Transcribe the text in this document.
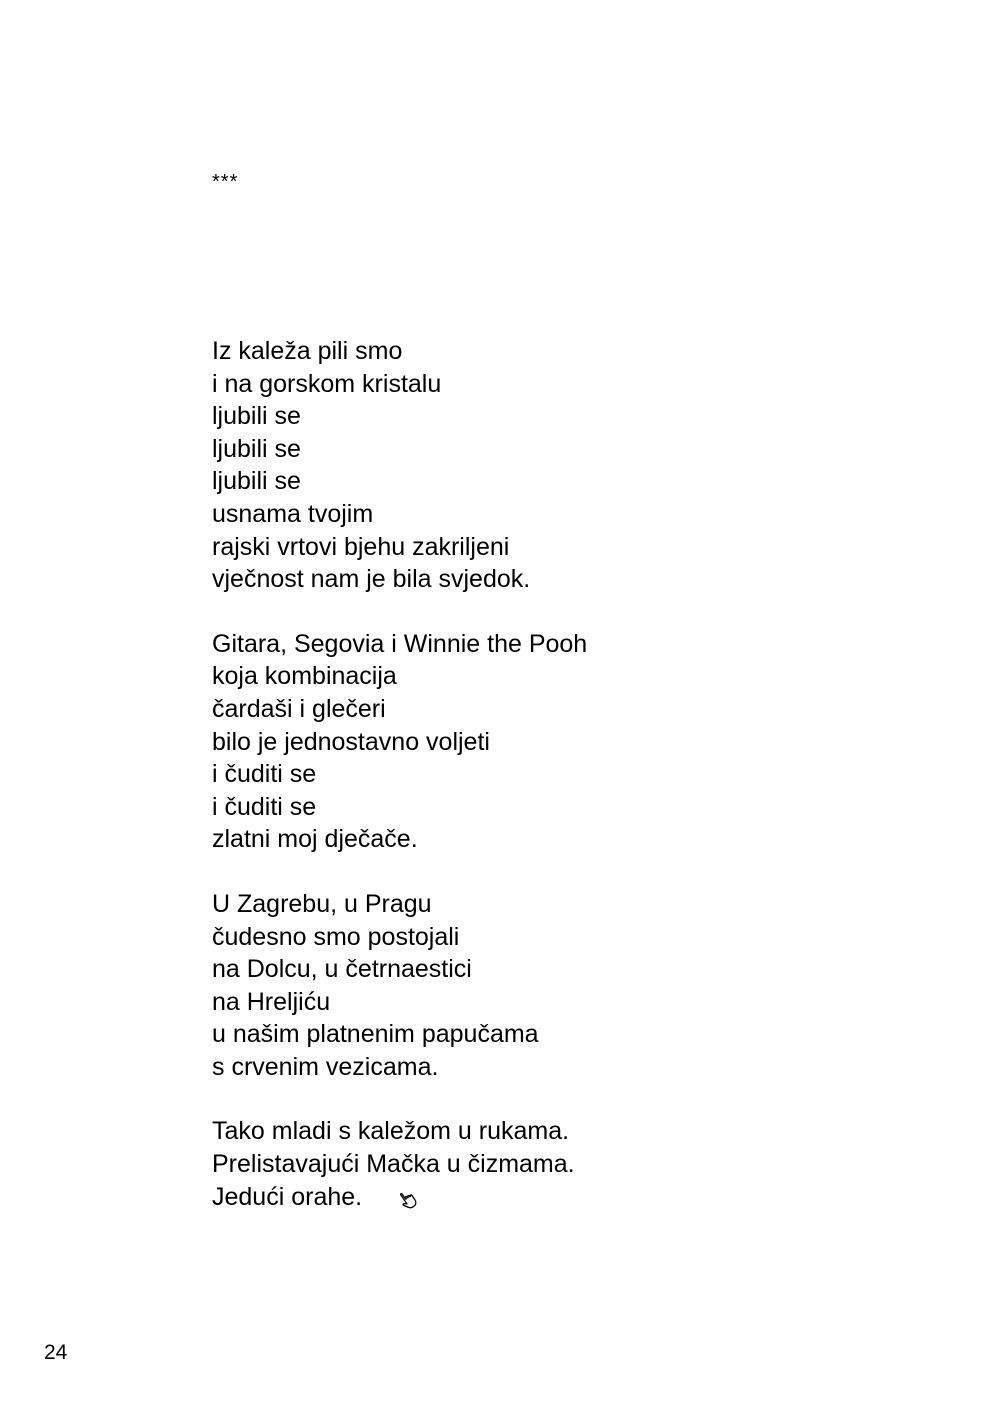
***
Iz kaleža pili smo
i na gorskom kristalu
ljubili se
ljubili se
ljubili se
usnama tvojim
rajski vrtovi bjehu zakriljeni
vječnost nam je bila svjedok.
Gitara, Segovia i Winnie the Pooh
koja kombinacija
čardaši i glečeri
bilo je jednostavno voljeti
i čuditi se
i čuditi se
zlatni moj dječače.
U Zagrebu, u Pragu
čudesno smo postojali
na Dolcu, u četrnaestici
na Hreljiću
u našim platnenim papučama
s crvenim vezicama.
Tako mladi s kaležom u rukama.
Prelistavajući Mačka u čizmama.
Jedući orahe.
24
